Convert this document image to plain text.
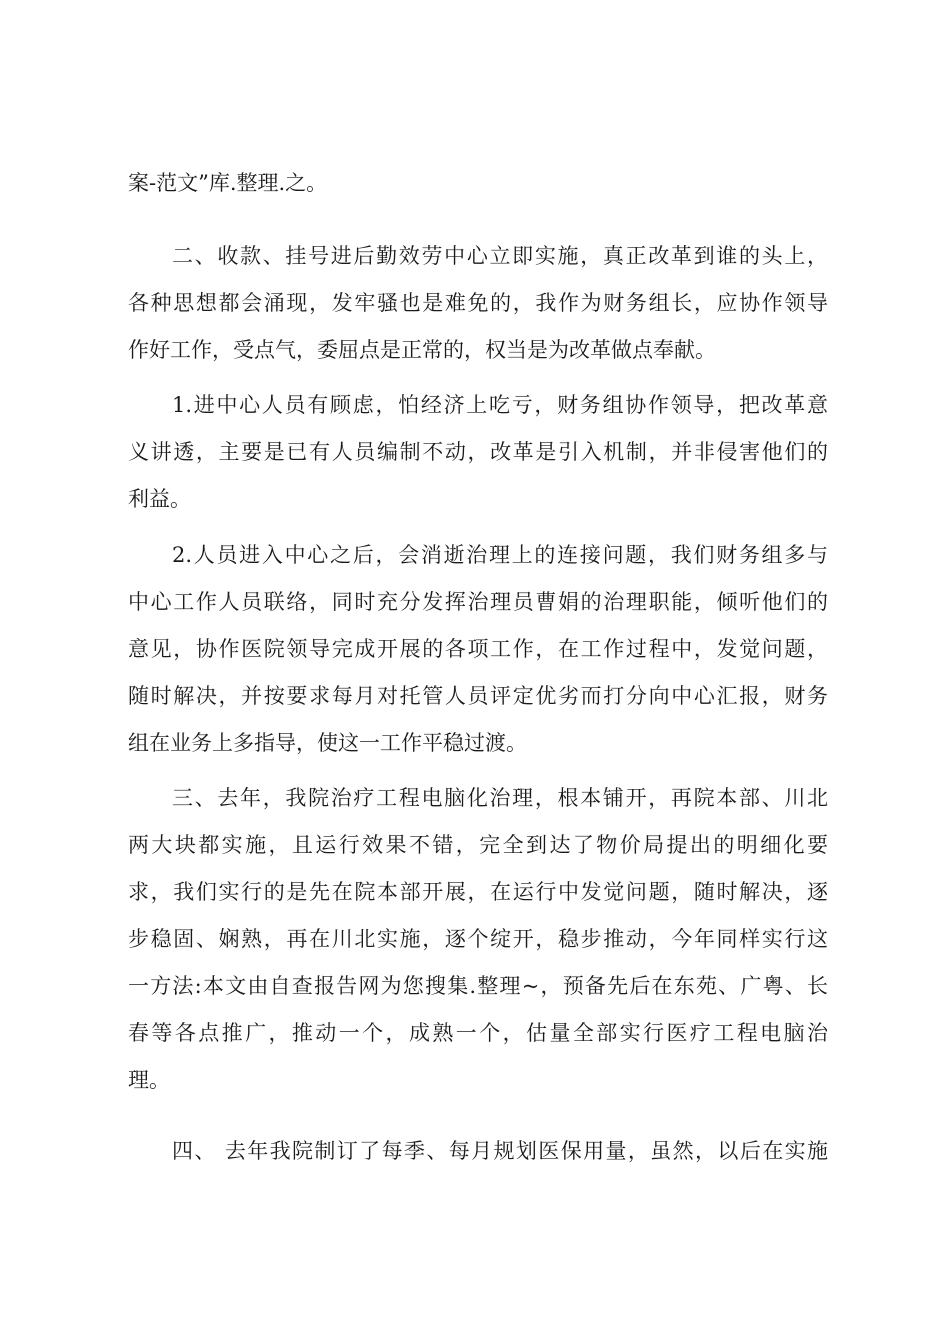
案-范文”库.整理.之。
二、收款、挂号进后勤效劳中心立即实施，真正改革到谁的头上，
各种思想都会涌现，发牢骚也是难免的，我作为财务组长，应协作领导
作好工作，受点气，委屈点是正常的，权当是为改革做点奉献。
1.进中心人员有顾虑，怕经济上吃亏，财务组协作领导，把改革意
义讲透，主要是已有人员编制不动，改革是引入机制，并非侵害他们的
利益。
2.人员进入中心之后，会消逝治理上的连接问题，我们财务组多与
中心工作人员联络，同时充分发挥治理员曹娟的治理职能，倾听他们的
意见，协作医院领导完成开展的各项工作，在工作过程中，发觉问题，
随时解决，并按要求每月对托管人员评定优劣而打分向中心汇报，财务
组在业务上多指导，使这一工作平稳过渡。
三、去年，我院治疗工程电脑化治理，根本铺开，再院本部、川北
两大块都实施，且运行效果不错，完全到达了物价局提出的明细化要
求，我们实行的是先在院本部开展，在运行中发觉问题，随时解决，逐
步稳固、娴熟，再在川北实施，逐个绽开，稳步推动，今年同样实行这
一方法:本文由自查报告网为您搜集.整理~，预备先后在东苑、广粤、长
春等各点推广，推动一个，成熟一个，估量全部实行医疗工程电脑治
理。
四、 去年我院制订了每季、每月规划医保用量，虽然，以后在实施
